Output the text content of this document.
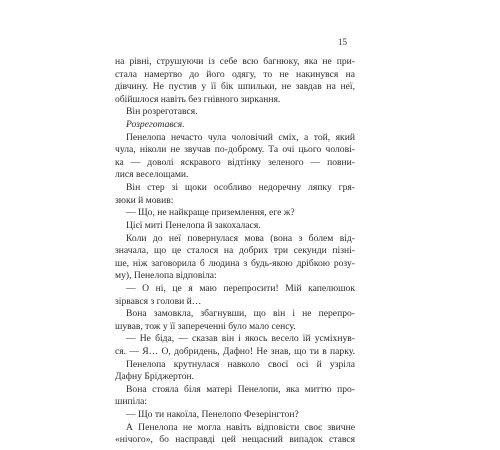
15
на рівні, струшуючи із себе всю багнюку, яка не при-
стала намертво до його одягу, то не накинувся на
дівчину. Не пустив у її бік шпильки, не завдав на неї,
обійшлося навіть без гнівного зиркання.
Він розреготався.
Розреготався.
Пенелопа нечасто чула чоловічий сміх, а той, який
чула, ніколи не звучав по-доброму. Та очі цього чолові-
ка — доволі яскравого відтінку зеленого — повни-
лися веселощами.
Він стер зі щоки особливо недоречну ляпку гря-
зюки й мовив:
— Що, не найкраще приземлення, еге ж?
Цієї миті Пенелопа й закохалася.
Коли до неї повернулася мова (вона з болем від-
значала, що це сталося на добрих три секунди пізні-
ше, ніж заговорила б людина з будь-якою дрібкою розу-
му), Пенелопа відповіла:
— О ні, це я маю перепросити! Мій капелюшок
зірвався з голови й…
Вона замовкла, збагнувши, що він і не перепро-
шував, тож у її запереченні було мало сенсу.
— Не біда, — сказав він і якось весело їй усміхнув-
ся. — Я… О, добридень, Дафно! Не знав, що ти в парку.
Пенелопа крутнулася навколо своєї осі й узріла
Дафну Бріджертон.
Вона стояла біля матері Пенелопи, яка миттю про-
шипіла:
— Що ти накоїла, Пенелопо Фезерінгтон?
А Пенелопа не могла навіть відповісти своє звичне
«нічого», бо насправді цей нещасний випадок стався
